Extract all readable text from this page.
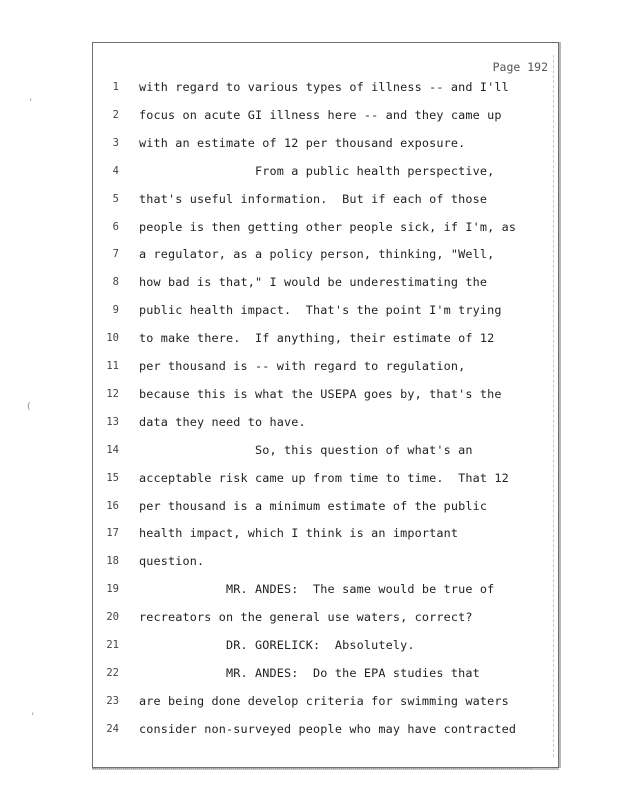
Page 192
1 with regard to various types of illness -- and I'll
2 focus on acute GI illness here -- and they came up
3 with an estimate of 12 per thousand exposure.
4 From a public health perspective,
5 that's useful information.  But if each of those
6 people is then getting other people sick, if I'm, as
7 a regulator, as a policy person, thinking, "Well,
8 how bad is that," I would be underestimating the
9 public health impact.  That's the point I'm trying
10 to make there.  If anything, their estimate of 12
11 per thousand is -- with regard to regulation,
12 because this is what the USEPA goes by, that's the
13 data they need to have.
14 So, this question of what's an
15 acceptable risk came up from time to time.  That 12
16 per thousand is a minimum estimate of the public
17 health impact, which I think is an important
18 question.
19 MR. ANDES:  The same would be true of
20 recreators on the general use waters, correct?
21 DR. GORELICK:  Absolutely.
22 MR. ANDES:  Do the EPA studies that
23 are being done develop criteria for swimming waters
24 consider non-surveyed people who may have contracted
'
(
'
